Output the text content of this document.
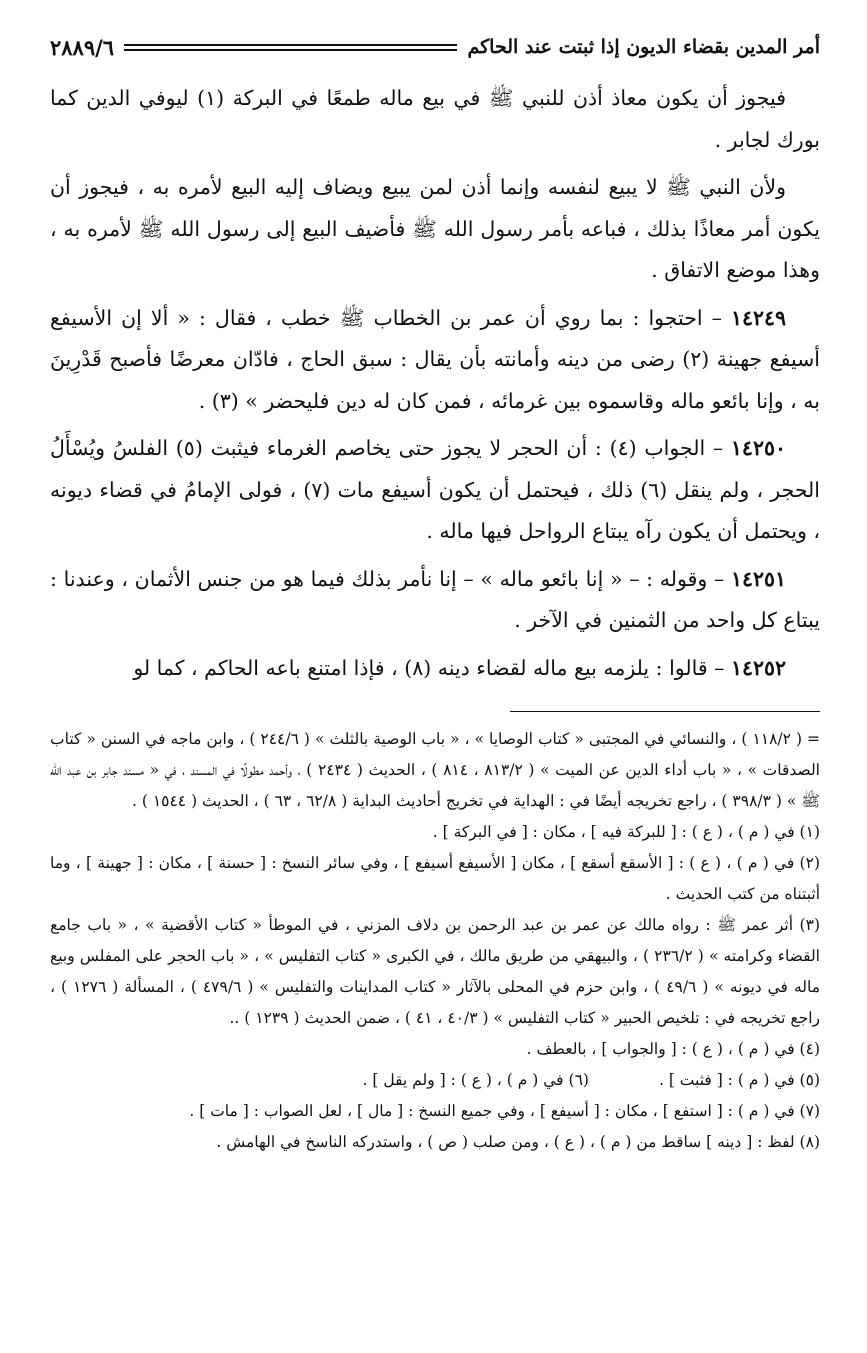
أمر المدين بقضاء الديون إذا ثبتت عند الحاكم
٢٨٨٩/٦

فيجوز أن يكون معاذ أذن للنبي ﷺ في بيع ماله طمعًا في البركة (١) ليوفي الدين كما بورك لجابر .

ولأن النبي ﷺ لا يبيع لنفسه وإنما أذن لمن يبيع ويضاف إليه البيع لأمره به ، فيجوز أن يكون أمر معاذًا بذلك ، فباعه بأمر رسول الله ﷺ فأضيف البيع إلى رسول الله ﷺ لأمره به ، وهذا موضع الاتفاق .

١٤٢٤٩ – احتجوا : بما روي أن عمر بن الخطاب ﷺ خطب ، فقال : « ألا إن الأسيفع أسيفع جهينة (٢) رضى من دينه وأمانته بأن يقال : سبق الحاج ، فادّان معرضًا فأصبح قَدْرِينَ به ، وإنا بائعو ماله وقاسموه بين غرمائه ، فمن كان له دين فليحضر » (٣) .

١٤٢٥٠ – الجواب (٤) : أن الحجر لا يجوز حتى يخاصم الغرماء فيثبت (٥) الفلسُ ويُسْأَلُ الحجر ، ولم ينقل (٦) ذلك ، فيحتمل أن يكون أسيفع مات (٧) ، فولى الإمامُ في قضاء ديونه ، ويحتمل أن يكون رآه يبتاع الرواحل فيها ماله .

١٤٢٥١ – وقوله : – « إنا بائعو ماله » – إنا نأمر بذلك فيما هو من جنس الأثمان ، وعندنا : يبتاع كل واحد من الثمنين في الآخر .

١٤٢٥٢ – قالوا : يلزمه بيع ماله لقضاء دينه (٨) ، فإذا امتنع باعه الحاكم ، كما لو

= ( ١١٨/٢ ) ، والنسائي في المجتبى « كتاب الوصايا » ، « باب الوصية بالثلث » ( ٢٤٤/٦ ) ، وابن ماجه في السنن « كتاب الصدقات » ، « باب أداء الدين عن الميت » ( ٨١٣/٢ ، ٨١٤ ) ، الحديث ( ٢٤٣٤ ) ، وأحمد مطولًا في المسند ، في « مسند جابر بن عبد الله ﷺ » ( ٣٩٨/٣ ) ، راجع تخريجه أيضًا في : الهداية في تخريج أحاديث البداية ( ٦٢/٨ ، ٦٣ ) ، الحديث ( ١٥٤٤ ) .

(١) في ( م ) ، ( ع ) : [ للبركة فيه ] ، مكان : [ في البركة ] .

(٢) في ( م ) ، ( ع ) : [ الأسقع أسقع ] ، مكان [ الأسيفع أسيفع ] ، وفي سائر النسخ : [ حسنة ] ، مكان : [ جهينة ] ، وما أثبتناه من كتب الحديث .

(٣) أثر عمر ﷺ : رواه مالك عن عمر بن عبد الرحمن بن دلاف المزني ، في الموطأ « كتاب الأقضية » ، « باب جامع القضاء وكرامته » ( ٢٣٦/٢ ) ، والبيهقي من طريق مالك ، في الكبرى « كتاب التفليس » ، « باب الحجر على المفلس وبيع ماله في ديونه » ( ٤٩/٦ ) ، وابن حزم في المحلى بالآثار « كتاب المداينات والتفليس » ( ٤٧٩/٦ ) ، المسألة ( ١٢٧٦ ) ، راجع تخريجه في : تلخيص الحبير « كتاب التفليس » ( ٤٠/٣ ، ٤١ ) ، ضمن الحديث ( ١٢٣٩ ) ..

(٤) في ( م ) ، ( ع ) : [ والجواب ] ، بالعطف .

(٥) في ( م ) : [ فثبت ] .
(٦) في ( م ) ، ( ع ) : [ ولم يقل ] .

(٧) في ( م ) : [ استفع ] ، مكان : [ أسيفع ] ، وفي جميع النسخ : [ مال ] ، لعل الصواب : [ مات ] .

(٨) لفظ : [ دينه ] ساقط من ( م ) ، ( ع ) ، ومن صلب ( ص ) ، واستدركه الناسخ في الهامش .
